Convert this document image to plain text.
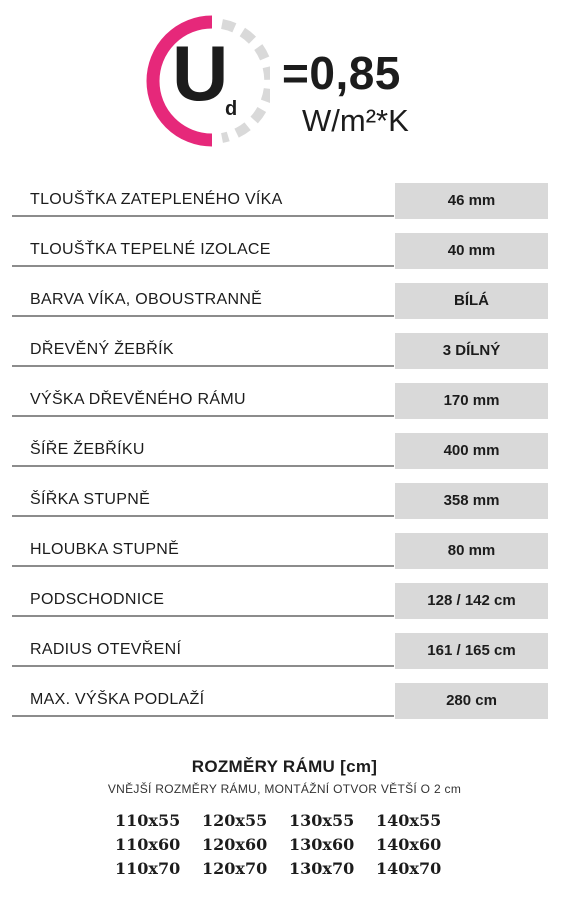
U
d
=0,85
W/m²*K
TLOUŠŤKA ZATEPLENÉHO VÍKA	46 mm
TLOUŠŤKA TEPELNÉ IZOLACE	40 mm
BARVA VÍKA, OBOUSTRANNĚ	BÍLÁ
DŘEVĚNÝ ŽEBŘÍK	3 DÍLNÝ
VÝŠKA DŘEVĚNÉHO RÁMU	170 mm
ŠÍŘE ŽEBŘÍKU	400 mm
ŠÍŘKA STUPNĚ	358 mm
HLOUBKA STUPNĚ	80 mm
PODSCHODNICE	128 / 142 cm
RADIUS OTEVŘENÍ	161 / 165 cm
MAX. VÝŠKA PODLAŽÍ	280 cm
ROZMĚRY RÁMU [cm]
VNĚJŠÍ ROZMĚRY RÁMU, MONTÁŽNÍ OTVOR VĚTŠÍ O 2 cm
110x55	120x55	130x55	140x55
110x60	120x60	130x60	140x60
110x70	120x70	130x70	140x70
